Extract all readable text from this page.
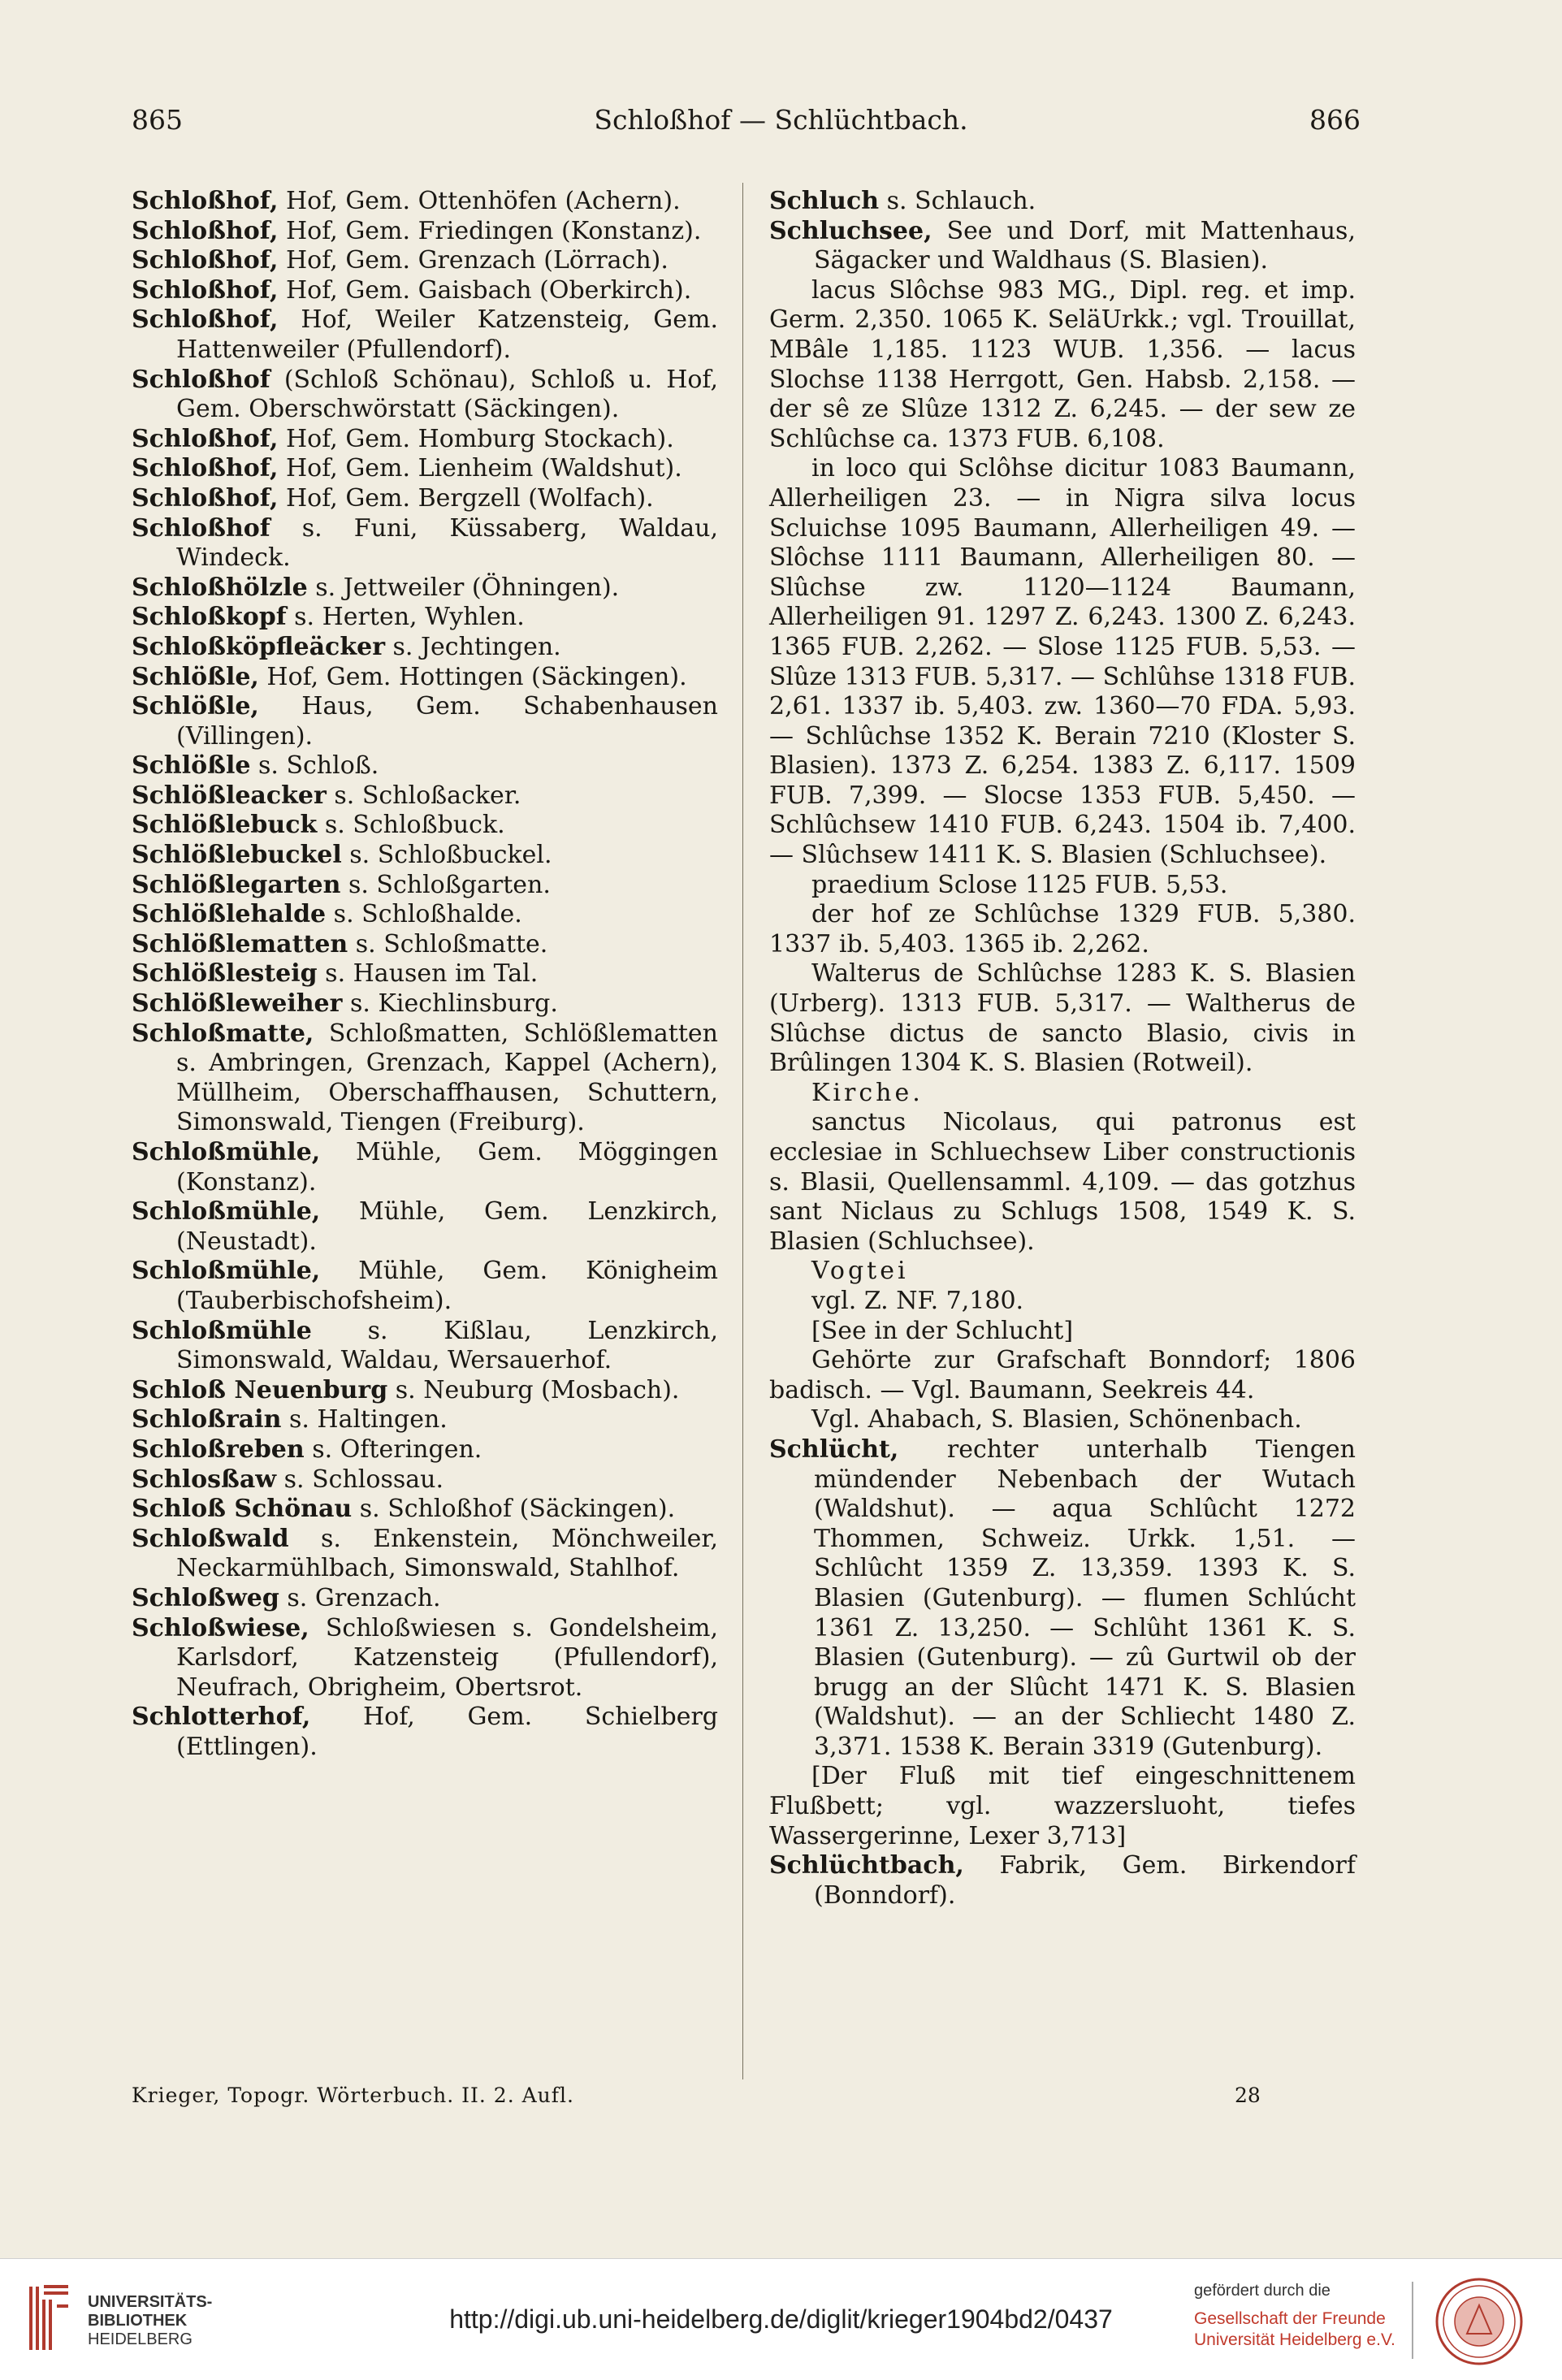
865	Schloßhof — Schlüchtbach.	866

Schloßhof, Hof, Gem. Ottenhöfen (Achern).

Schloßhof, Hof, Gem. Friedingen (Konstanz).

Schloßhof, Hof, Gem. Grenzach (Lörrach).

Schloßhof, Hof, Gem. Gaisbach (Oberkirch).

Schloßhof, Hof, Weiler Katzensteig, Gem. Hattenweiler (Pfullendorf).

Schloßhof (Schloß Schönau), Schloß u. Hof, Gem. Oberschwörstatt (Säckingen).

Schloßhof, Hof, Gem. Homburg Stockach).

Schloßhof, Hof, Gem. Lienheim (Waldshut).

Schloßhof, Hof, Gem. Bergzell (Wolfach).

Schloßhof s. Funi, Küssaberg, Waldau, Windeck.

Schloßhölzle s. Jettweiler (Öhningen).

Schloßkopf s. Herten, Wyhlen.

Schloßköpfleäcker s. Jechtingen.

Schlößle, Hof, Gem. Hottingen (Säckingen).

Schlößle, Haus, Gem. Schabenhausen (Villingen).

Schlößle s. Schloß.

Schlößleacker s. Schloßacker.

Schlößlebuck s. Schloßbuck.

Schlößlebuckel s. Schloßbuckel.

Schlößlegarten s. Schloßgarten.

Schlößlehalde s. Schloßhalde.

Schlößlematten s. Schloßmatte.

Schlößlesteig s. Hausen im Tal.

Schlößleweiher s. Kiechlinsburg.

Schloßmatte, Schloßmatten, Schlößlematten s. Ambringen, Grenzach, Kappel (Achern), Müllheim, Oberschaffhausen, Schuttern, Simonswald, Tiengen (Freiburg).

Schloßmühle, Mühle, Gem. Möggingen (Konstanz).

Schloßmühle, Mühle, Gem. Lenzkirch, (Neustadt).

Schloßmühle, Mühle, Gem. Königheim (Tauberbischofsheim).

Schloßmühle s. Kißlau, Lenzkirch, Simonswald, Waldau, Wersauerhof.

Schloß Neuenburg s. Neuburg (Mosbach).

Schloßrain s. Haltingen.

Schloßreben s. Ofteringen.

Schlosßaw s. Schlossau.

Schloß Schönau s. Schloßhof (Säckingen).

Schloßwald s. Enkenstein, Mönchweiler, Neckarmühlbach, Simonswald, Stahlhof.

Schloßweg s. Grenzach.

Schloßwiese, Schloßwiesen s. Gondelsheim, Karlsdorf, Katzensteig (Pfullendorf), Neufrach, Obrigheim, Obertsrot.

Schlotterhof, Hof, Gem. Schielberg (Ettlingen).

Schluch s. Schlauch.

Schluchsee, See und Dorf, mit Mattenhaus, Sägacker und Waldhaus (S. Blasien).

lacus Slôchse 983 MG., Dipl. reg. et imp. Germ. 2,350. 1065 K. SeläUrkk.; vgl. Trouillat, MBâle 1,185. 1123 WUB. 1,356. — lacus Slochse 1138 Herrgott, Gen. Habsb. 2,158. — der sê ze Slûze 1312 Z. 6,245. — der sew ze Schlûchse ca. 1373 FUB. 6,108.

in loco qui Sclôhse dicitur 1083 Baumann, Allerheiligen 23. — in Nigra silva locus Scluichse 1095 Baumann, Allerheiligen 49. — Slôchse 1111 Baumann, Allerheiligen 80. — Slûchse zw. 1120—1124 Baumann, Allerheiligen 91. 1297 Z. 6,243. 1300 Z. 6,243. 1365 FUB. 2,262. — Slose 1125 FUB. 5,53. — Slûze 1313 FUB. 5,317. — Schlûhse 1318 FUB. 2,61. 1337 ib. 5,403. zw. 1360—70 FDA. 5,93. — Schlûchse 1352 K. Berain 7210 (Kloster S. Blasien). 1373 Z. 6,254. 1383 Z. 6,117. 1509 FUB. 7,399. — Slocse 1353 FUB. 5,450. — Schlûchsew 1410 FUB. 6,243. 1504 ib. 7,400. — Slûchsew 1411 K. S. Blasien (Schluchsee).

praedium Sclose 1125 FUB. 5,53.

der hof ze Schlûchse 1329 FUB. 5,380. 1337 ib. 5,403. 1365 ib. 2,262.

Walterus de Schlûchse 1283 K. S. Blasien (Urberg). 1313 FUB. 5,317. — Waltherus de Slûchse dictus de sancto Blasio, civis in Brûlingen 1304 K. S. Blasien (Rotweil).

Kirche.

sanctus Nicolaus, qui patronus est ecclesiae in Schluechsew Liber constructionis s. Blasii, Quellensamml. 4,109. — das gotzhus sant Niclaus zu Schlugs 1508, 1549 K. S. Blasien (Schluchsee).

Vogtei

vgl. Z. NF. 7,180.

[See in der Schlucht]

Gehörte zur Grafschaft Bonndorf; 1806 badisch. — Vgl. Baumann, Seekreis 44.

Vgl. Ahabach, S. Blasien, Schönenbach.

Schlücht, rechter unterhalb Tiengen mündender Nebenbach der Wutach (Waldshut). — aqua Schlûcht 1272 Thommen, Schweiz. Urkk. 1,51. — Schlûcht 1359 Z. 13,359. 1393 K. S. Blasien (Gutenburg). — flumen Schlúcht 1361 Z. 13,250. — Schlûht 1361 K. S. Blasien (Gutenburg). — zû Gurtwil ob der brugg an der Slûcht 1471 K. S. Blasien (Waldshut). — an der Schliecht 1480 Z. 3,371. 1538 K. Berain 3319 (Gutenburg).

[Der Fluß mit tief eingeschnittenem Flußbett; vgl. wazzersluoht, tiefes Wassergerinne, Lexer 3,713]

Schlüchtbach, Fabrik, Gem. Birkendorf (Bonndorf).

Krieger, Topogr. Wörterbuch. II. 2. Aufl.	28
UNIVERSITÄTS-
BIBLIOTHEK
HEIDELBERG
http://digi.ub.uni-heidelberg.de/diglit/krieger1904bd2/0437
gefördert durch die
Gesellschaft der Freunde
Universität Heidelberg e.V.
